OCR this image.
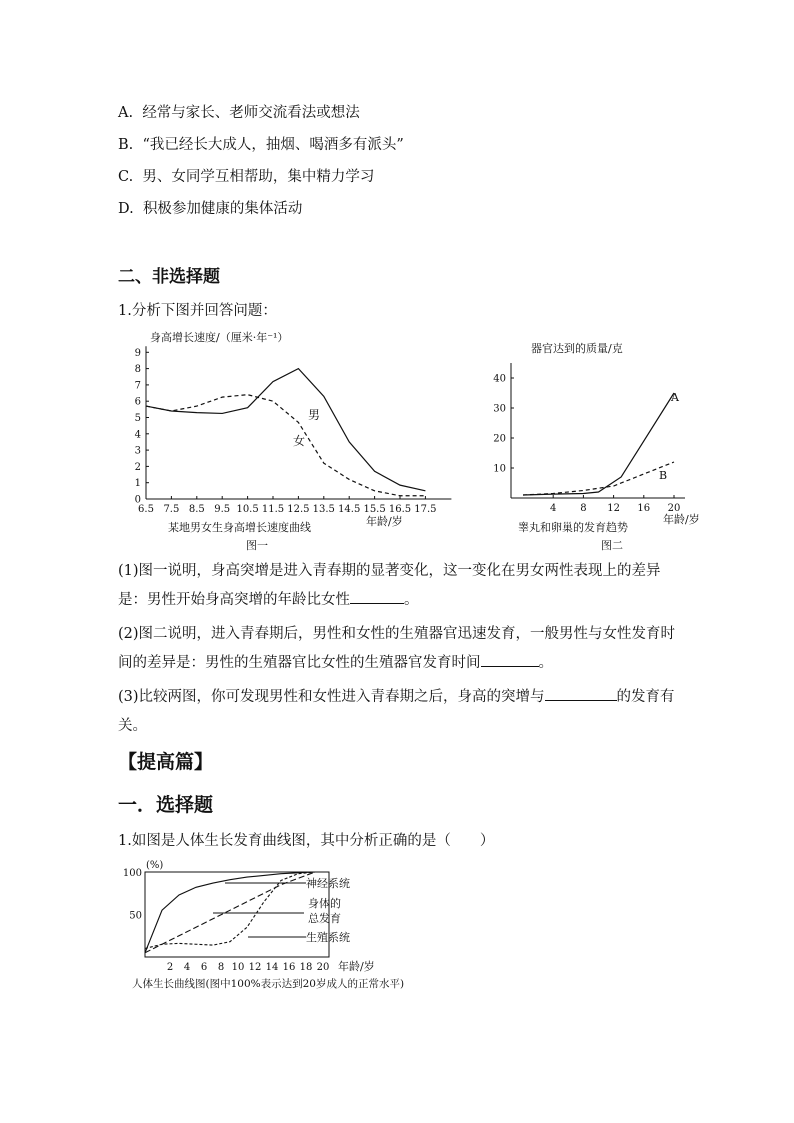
A. 经常与家长、老师交流看法或想法
B. “我已经长大成人，抽烟、喝酒多有派头”
C. 男、女同学互相帮助，集中精力学习
D. 积极参加健康的集体活动
二、非选择题
1.分析下图并回答问题：
身高增长速度/（厘米·年⁻¹）
0
1
2
3
4
5
6
7
8
9
6.5 7.5 8.5 9.5 10.5 11.5 12.5 13.5 14.5 15.5 16.5 17.5
男
女
年龄/岁
某地男女生身高增长速度曲线
图一
器官达到的质量/克
10
20
30
40
4 8 12 16 20
A
B
年龄/岁
睾丸和卵巢的发育趋势
图二
(1)图一说明，身高突增是进入青春期的显著变化，这一变化在男女两性表现上的差异是：男性开始身高突增的年龄比女性	。
(2)图二说明，进入青春期后，男性和女性的生殖器官迅速发育，一般男性与女性发育时间的差异是：男性的生殖器官比女性的生殖器官发育时间	。
(3)比较两图，你可发现男性和女性进入青春期之后，身高的突增与	的发育有关。
【提高篇】
一．选择题
1.如图是人体生长发育曲线图，其中分析正确的是（　　）
(%)
50
100
2 4 6 8 10 12 14 16 18 20
神经系统
身体的
总发育
生殖系统
年龄/岁
人体生长曲线图(图中100%表示达到20岁成人的正常水平)
